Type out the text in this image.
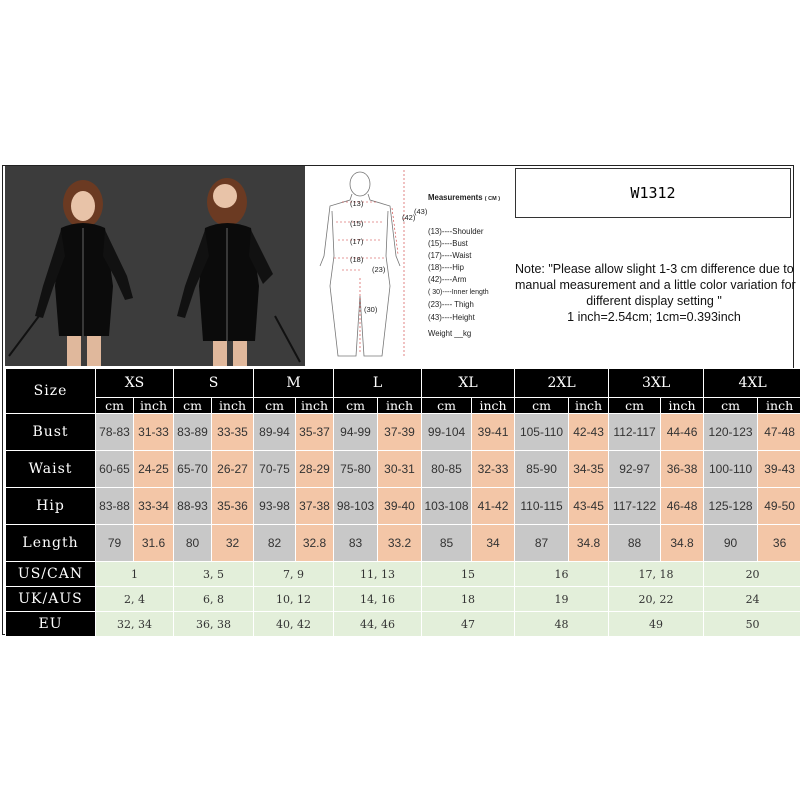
(13)
(15)
(17)
(18)
(23)
(30)
(42)
(43)
Measurements ( CM )
(13)----Shoulder
(15)----Bust
(17)----Waist
(18)----Hip
(42)----Arm
( 30)----Inner length
(23)---- Thigh
(43)----Height
Weight __kg
W1312
Note: "Please allow slight 1-3 cm difference due to
manual measurement and a little color variation for
different display setting "
1 inch=2.54cm; 1cm=0.393inch
Size	XS		S		M		L		XL		2XL		3XL		4XL	
	cm	inch	cm	inch	cm	inch	cm	inch	cm	inch	cm	inch	cm	inch	cm	inch
Bust	78-83	31-33	83-89	33-35	89-94	35-37	94-99	37-39	99-104	39-41	105-110	42-43	112-117	44-46	120-123	47-48
Waist	60-65	24-25	65-70	26-27	70-75	28-29	75-80	30-31	80-85	32-33	85-90	34-35	92-97	36-38	100-110	39-43
Hip	83-88	33-34	88-93	35-36	93-98	37-38	98-103	39-40	103-108	41-42	110-115	43-45	117-122	46-48	125-128	49-50
Length	79	31.6	80	32	82	32.8	83	33.2	85	34	87	34.8	88	34.8	90	36
US/CAN	1		3, 5		7, 9		11, 13		15		16		17, 18		20	
UK/AUS	2, 4		6, 8		10, 12		14, 16		18		19		20, 22		24	
EU	32, 34		36, 38		40, 42		44, 46		47		48		49		50	
